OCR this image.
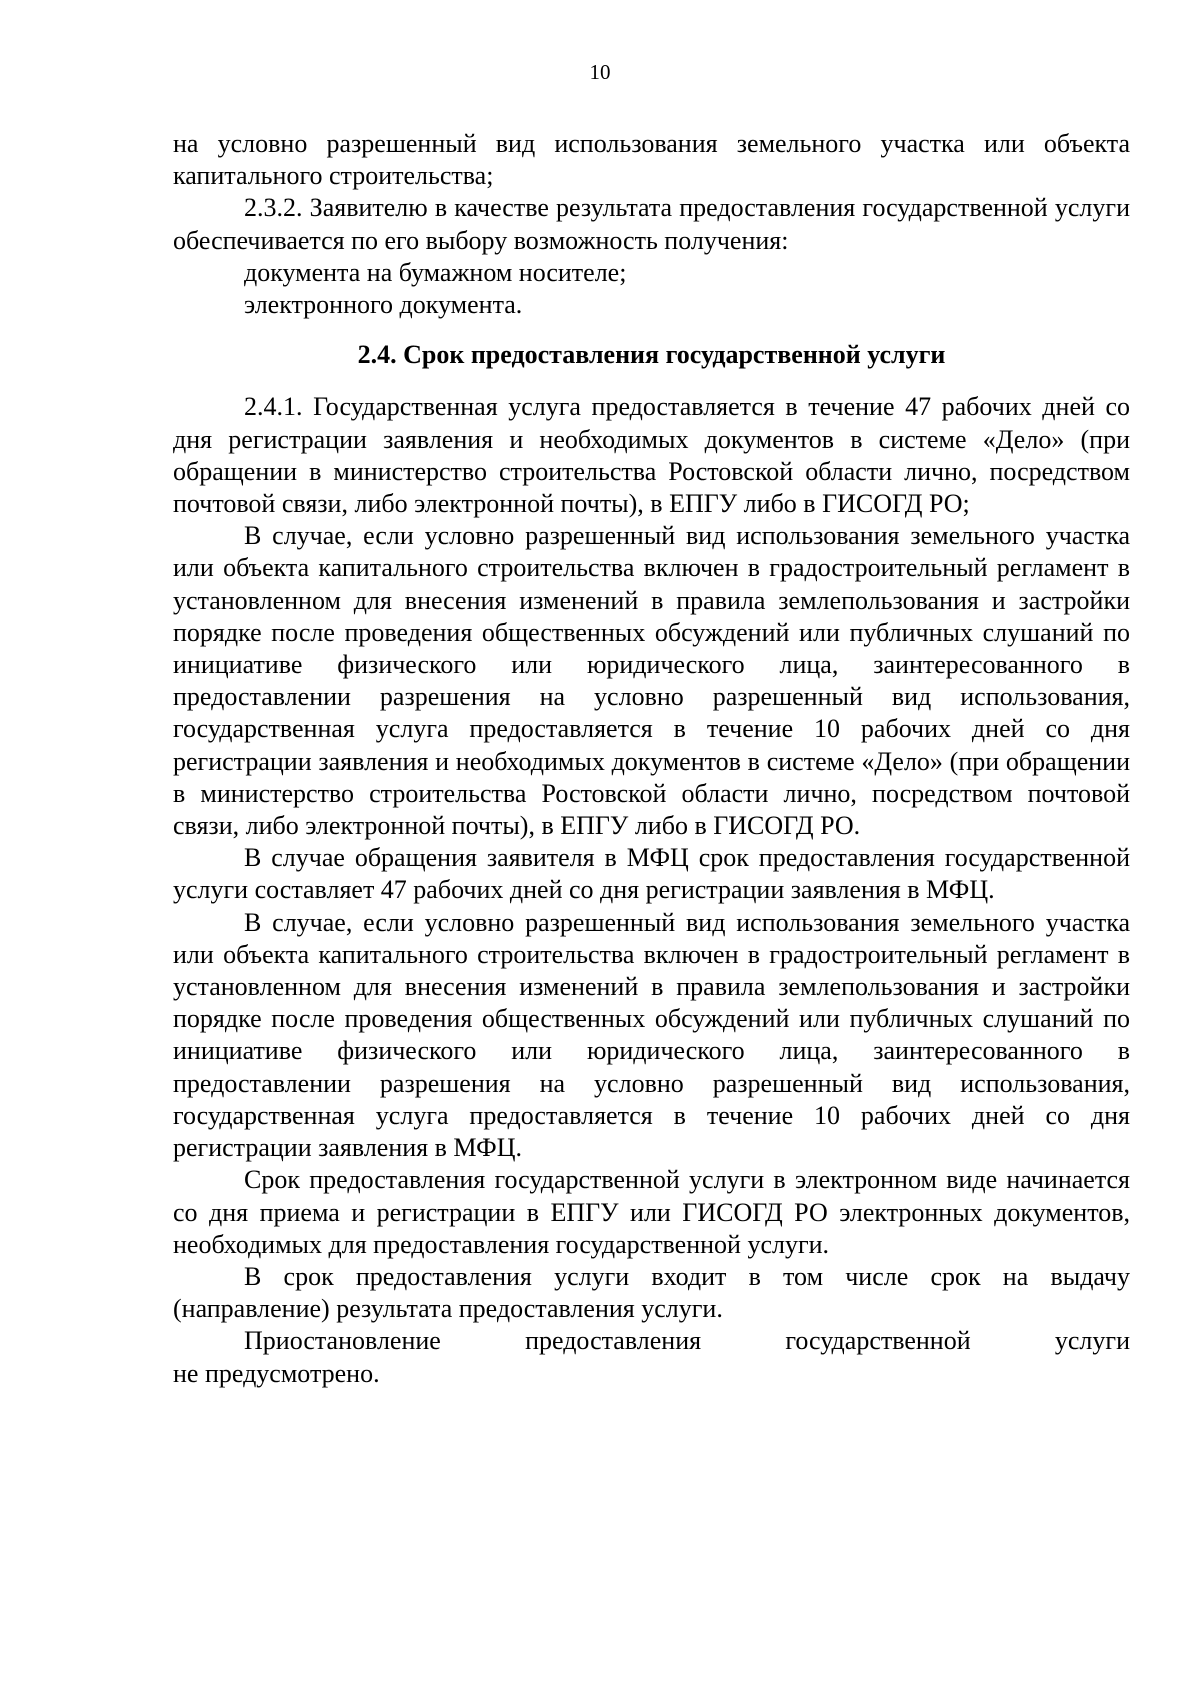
10

на условно разрешенный вид использования земельного участка или объекта капитального строительства;

2.3.2. Заявителю в качестве результата предоставления государственной услуги обеспечивается по его выбору возможность получения:

документа на бумажном носителе;

электронного документа.

2.4. Срок предоставления государственной услуги

2.4.1. Государственная услуга предоставляется в течение 47 рабочих дней со дня регистрации заявления и необходимых документов в системе «Дело» (при обращении в министерство строительства Ростовской области лично, посредством почтовой связи, либо электронной почты), в ЕПГУ либо в ГИСОГД РО;

В случае, если условно разрешенный вид использования земельного участка или объекта капитального строительства включен в градостроительный регламент в установленном для внесения изменений в правила землепользования и застройки порядке после проведения общественных обсуждений или публичных слушаний по инициативе физического или юридического лица, заинтересованного в предоставлении разрешения на условно разрешенный вид использования, государственная услуга предоставляется в течение 10 рабочих дней со дня регистрации заявления и необходимых документов в системе «Дело» (при обращении в министерство строительства Ростовской области лично, посредством почтовой связи, либо электронной почты), в ЕПГУ либо в ГИСОГД РО.

В случае обращения заявителя в МФЦ срок предоставления государственной услуги составляет 47 рабочих дней со дня регистрации заявления в МФЦ.

В случае, если условно разрешенный вид использования земельного участка или объекта капитального строительства включен в градостроительный регламент в установленном для внесения изменений в правила землепользования и застройки порядке после проведения общественных обсуждений или публичных слушаний по инициативе физического или юридического лица, заинтересованного в предоставлении разрешения на условно разрешенный вид использования, государственная услуга предоставляется в течение 10 рабочих дней со дня регистрации заявления в МФЦ.

Срок предоставления государственной услуги в электронном виде начинается со дня приема и регистрации в ЕПГУ или ГИСОГД РО электронных документов, необходимых для предоставления государственной услуги.

В срок предоставления услуги входит в том числе срок на выдачу (направление) результата предоставления услуги.

Приостановление предоставления государственной услуги
не предусмотрено.
